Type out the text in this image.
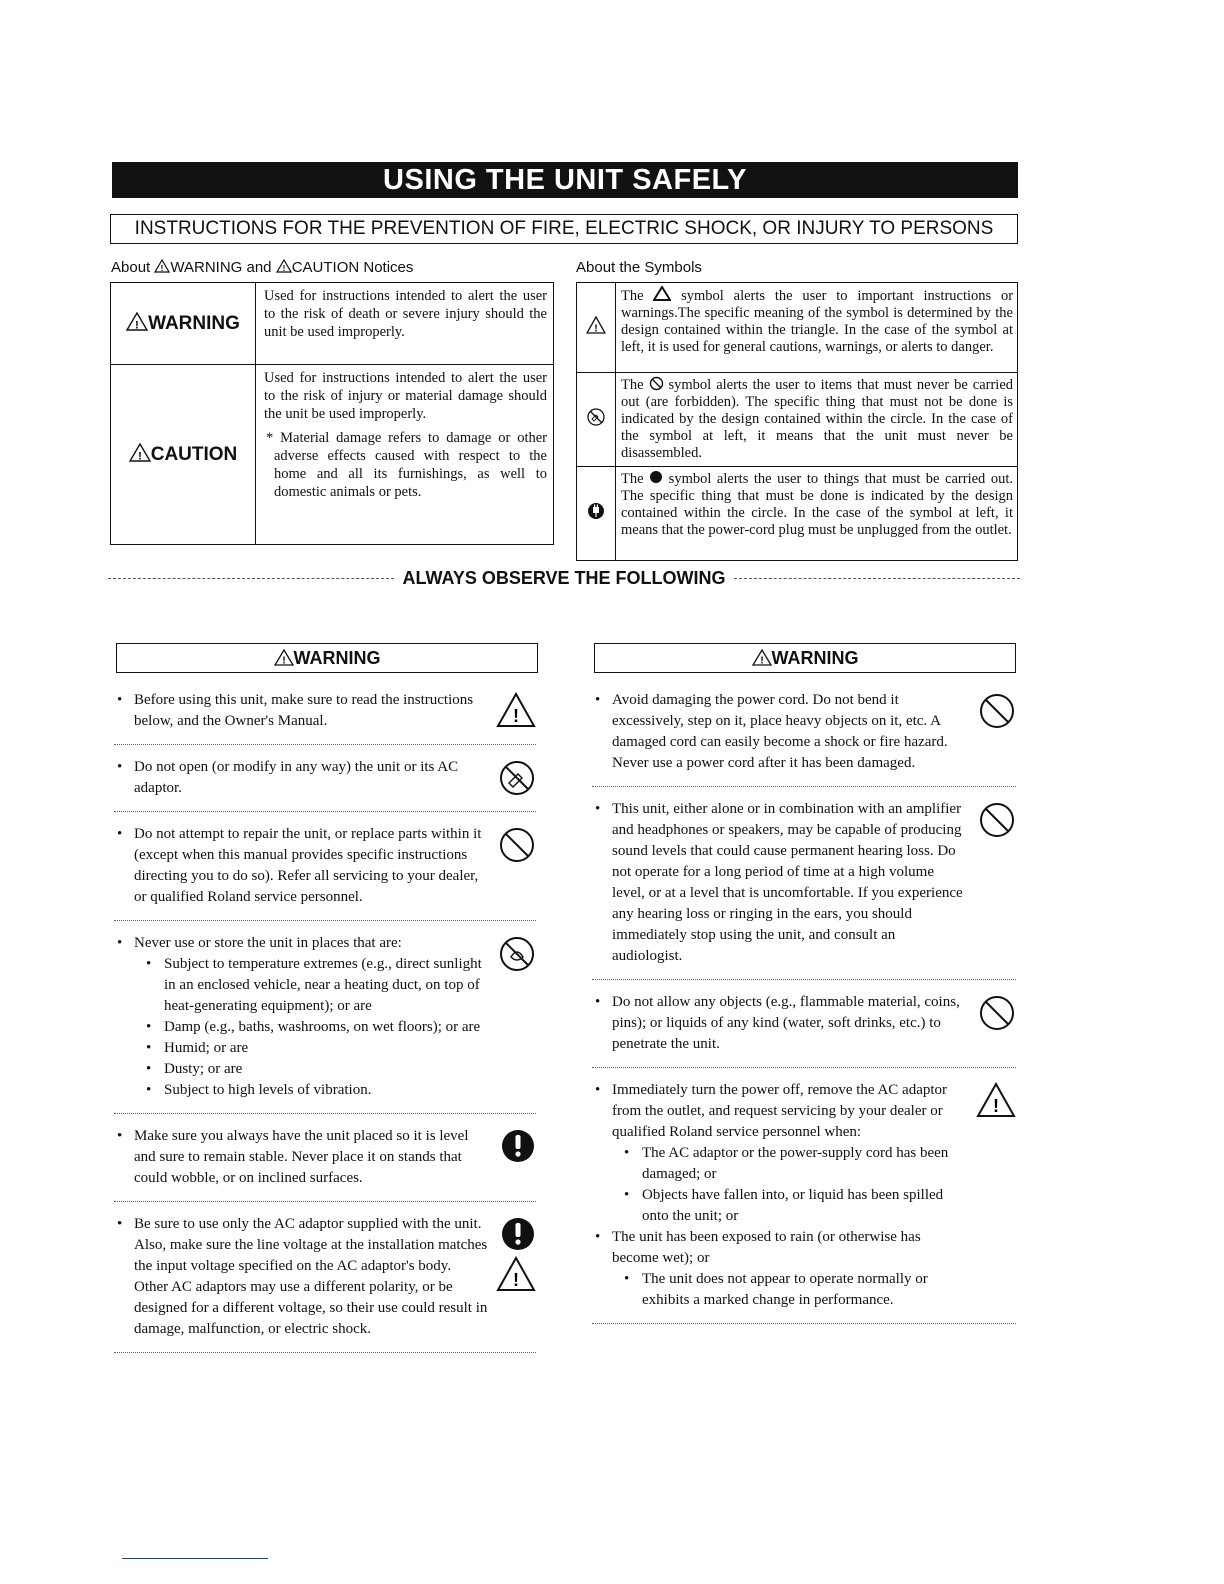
USING THE UNIT SAFELY
INSTRUCTIONS FOR THE PREVENTION OF FIRE, ELECTRIC SHOCK, OR INJURY TO PERSONS
About ! WARNING and ! CAUTION Notices	About the Symbols
! WARNING	Used for instructions intended to alert the user to the risk of death or severe injury should the unit be used improperly.

! CAUTION	Used for instructions intended to alert the user to the risk of injury or material damage should the unit be used improperly.
* Material damage refers to damage or other adverse effects caused with respect to the home and all its furnishings, as well to domestic animals or pets.
!	The symbol alerts the user to important instructions or warnings.The specific meaning of the symbol is determined by the design contained within the triangle. In the case of the symbol at left, it is used for general cautions, warnings, or alerts to danger.
	The symbol alerts the user to items that must never be carried out (are forbidden). The specific thing that must not be done is indicated by the design contained within the circle. In the case of the symbol at left, it means that the unit must never be disassembled.
	The symbol alerts the user to things that must be carried out. The specific thing that must be done is indicated by the design contained within the circle. In the case of the symbol at left, it means that the power-cord plug must be unplugged from the outlet.
ALWAYS OBSERVE THE FOLLOWING
! WARNING	! WARNING
• Before using this unit, make sure to read the instructions below, and the Owner's Manual.	!
• Do not open (or modify in any way) the unit or its AC adaptor.
• Do not attempt to repair the unit, or replace parts within it (except when this manual provides specific instructions directing you to do so). Refer all servicing to your dealer, or qualified Roland service personnel.
• Never use or store the unit in places that are:
• Subject to temperature extremes (e.g., direct sunlight in an enclosed vehicle, near a heating duct, on top of heat-generating equipment); or are
• Damp (e.g., baths, washrooms, on wet floors); or are
• Humid; or are
• Dusty; or are
• Subject to high levels of vibration.
• Make sure you always have the unit placed so it is level and sure to remain stable. Never place it on stands that could wobble, or on inclined surfaces.
• Be sure to use only the AC adaptor supplied with the unit. Also, make sure the line voltage at the installation matches the input voltage specified on the AC adaptor's body. Other AC adaptors may use a different polarity, or be designed for a different voltage, so their use could result in damage, malfunction, or electric shock.
!
• Avoid damaging the power cord. Do not bend it excessively, step on it, place heavy objects on it, etc. A damaged cord can easily become a shock or fire hazard. Never use a power cord after it has been damaged.
• This unit, either alone or in combination with an amplifier and headphones or speakers, may be capable of producing sound levels that could cause permanent hearing loss. Do not operate for a long period of time at a high volume level, or at a level that is uncomfortable. If you experience any hearing loss or ringing in the ears, you should immediately stop using the unit, and consult an audiologist.
• Do not allow any objects (e.g., flammable material, coins, pins); or liquids of any kind (water, soft drinks, etc.) to penetrate the unit.
• Immediately turn the power off, remove the AC adaptor from the outlet, and request servicing by your dealer or qualified Roland service personnel when:
!
• The AC adaptor or the power-supply cord has been damaged; or
• Objects have fallen into, or liquid has been spilled onto the unit; or
• The unit has been exposed to rain (or otherwise has become wet); or
• The unit does not appear to operate normally or exhibits a marked change in performance.
